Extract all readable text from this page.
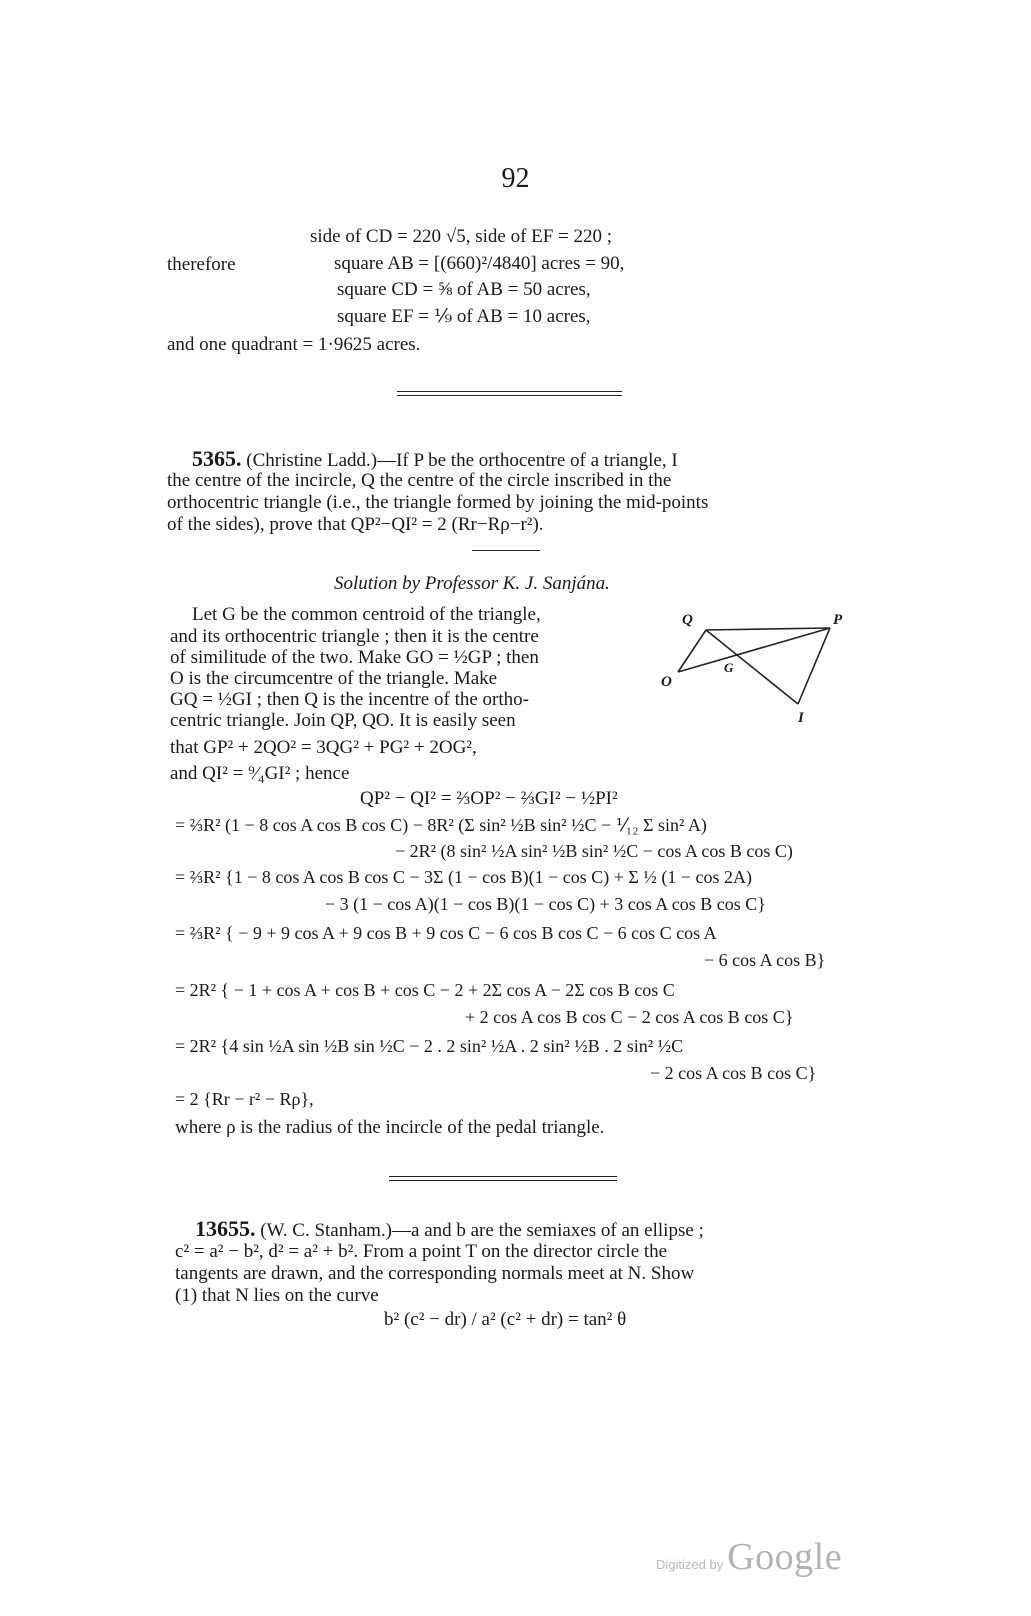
92
side of CD = 220 √5, side of EF = 220 ;
therefore	square AB = [(660)²/4840] acres = 90,
square CD = ⅝ of AB = 50 acres,
square EF = ⅑ of AB = 10 acres,
and one quadrant = 1·9625 acres.
5365. (Christine Ladd.)—If P be the orthocentre of a triangle, I
the centre of the incircle, Q the centre of the circle inscribed in the
orthocentric triangle (i.e., the triangle formed by joining the mid-points
of the sides), prove that QP²−QI² = 2 (Rr−Rρ−r²).
Solution by Professor K. J. Sanjána.
Let G be the common centroid of the triangle,
and its orthocentric triangle ; then it is the centre
of similitude of the two. Make GO = ½GP ; then
O is the circumcentre of the triangle. Make
GQ = ½GI ; then Q is the incentre of the ortho-
centric triangle. Join QP, QO. It is easily seen
that GP² + 2QO² = 3QG² + PG² + 2OG²,
and QI² = ⁹⁄₄GI² ; hence
QP² − QI² = ⅔OP² − ⅔GI² − ½PI²
= ⅔R² (1 − 8 cos A cos B cos C) − 8R² (Σ sin² ½B sin² ½C − ⅟₁₂ Σ sin² A)
− 2R² (8 sin² ½A sin² ½B sin² ½C − cos A cos B cos C)
= ⅔R² {1 − 8 cos A cos B cos C − 3Σ (1 − cos B)(1 − cos C) + Σ ½ (1 − cos 2A)
− 3 (1 − cos A)(1 − cos B)(1 − cos C) + 3 cos A cos B cos C}
= ⅔R² { − 9 + 9 cos A + 9 cos B + 9 cos C − 6 cos B cos C − 6 cos C cos A
− 6 cos A cos B}
= 2R² { − 1 + cos A + cos B + cos C − 2 + 2Σ cos A − 2Σ cos B cos C
+ 2 cos A cos B cos C − 2 cos A cos B cos C}
= 2R² {4 sin ½A sin ½B sin ½C − 2 . 2 sin² ½A . 2 sin² ½B . 2 sin² ½C
− 2 cos A cos B cos C}
= 2 {Rr − r² − Rρ},
where ρ is the radius of the incircle of the pedal triangle.
Q	P
G
O
I
13655. (W. C. Stanham.)—a and b are the semiaxes of an ellipse ;
c² = a² − b², d² = a² + b². From a point T on the director circle the
tangents are drawn, and the corresponding normals meet at N. Show
(1) that N lies on the curve
b² (c² − dr) / a² (c² + dr) = tan² θ
Digitized by Google
